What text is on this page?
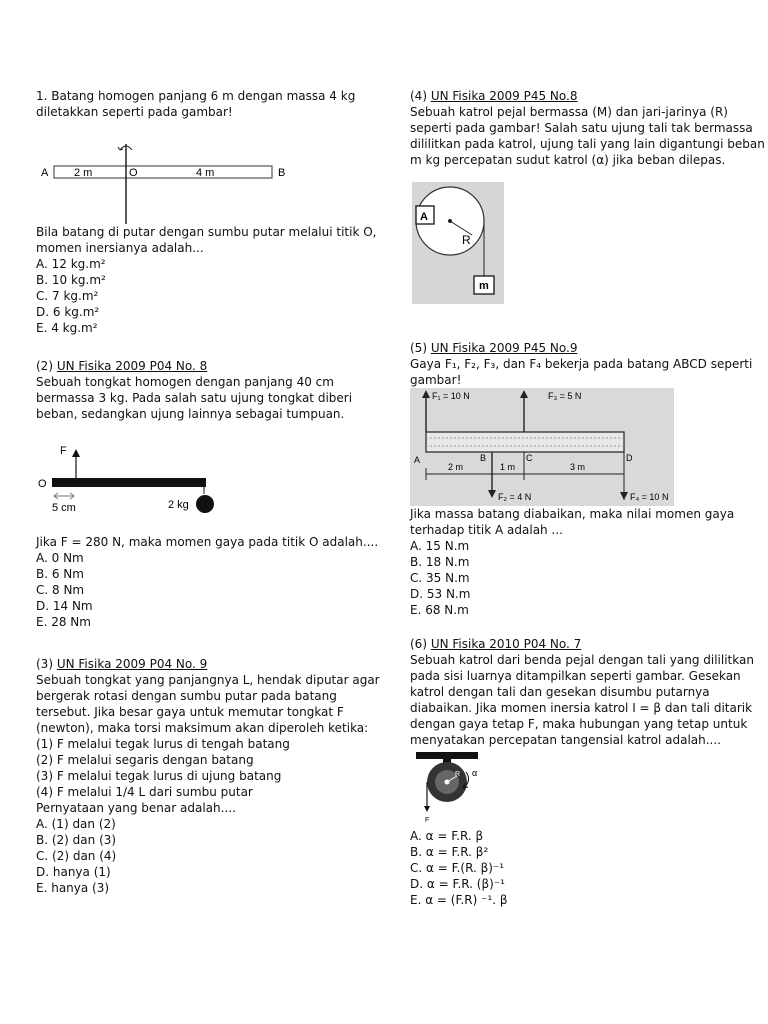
1. Batang homogen panjang 6 m dengan massa 4 kg
diletakkan seperti pada gambar!
A	B
O
2 m	4 m
Bila batang di putar dengan sumbu putar melalui titik O,
momen inersianya adalah...
A. 12 kg.m²
B. 10 kg.m²
C. 7 kg.m²
D. 6 kg.m²
E. 4 kg.m²
(2) UN Fisika 2009 P04 No. 8
Sebuah tongkat homogen dengan panjang 40 cm
bermassa 3 kg. Pada salah satu ujung tongkat diberi
beban, sedangkan ujung lainnya sebagai tumpuan.
F
O
2 kg
5 cm
Jika F = 280 N, maka momen gaya pada titik O adalah....
A. 0 Nm
B. 6 Nm
C. 8 Nm
D. 14 Nm
E. 28 Nm
(3) UN Fisika 2009 P04 No. 9
Sebuah tongkat yang panjangnya L, hendak diputar agar
bergerak rotasi dengan sumbu putar pada batang
tersebut. Jika besar gaya untuk memutar tongkat F
(newton), maka torsi maksimum akan diperoleh ketika:
(1) F melalui tegak lurus di tengah batang
(2) F melalui segaris dengan batang
(3) F melalui tegak lurus di ujung batang
(4) F melalui 1/4 L dari sumbu putar
Pernyataan yang benar adalah....
A. (1) dan (2)
B. (2) dan (3)
C. (2) dan (4)
D. hanya (1)
E. hanya (3)
(4) UN Fisika 2009 P45 No.8
Sebuah katrol pejal bermassa (M) dan jari-jarinya (R)
seperti pada gambar! Salah satu ujung tali tak bermassa
dililitkan pada katrol, ujung tali yang lain digantungi beban
m kg percepatan sudut katrol (α) jika beban dilepas.
A
R
m
(5) UN Fisika 2009 P45 No.9
Gaya F₁, F₂, F₃, dan F₄ bekerja pada batang ABCD seperti
gambar!
F₁ = 10 N	F₃ = 5 N
A	B	C	D
2 m	1 m	3 m
F₂ = 4 N	F₄ = 10 N
Jika massa batang diabaikan, maka nilai momen gaya
terhadap titik A adalah ...
A. 15 N.m
B. 18 N.m
C. 35 N.m
D. 53 N.m
E. 68 N.m
(6) UN Fisika 2010 P04 No. 7
Sebuah katrol dari benda pejal dengan tali yang dililitkan
pada sisi luarnya ditampilkan seperti gambar. Gesekan
katrol dengan tali dan gesekan disumbu putarnya
diabaikan. Jika momen inersia katrol I = β dan tali ditarik
dengan gaya tetap F, maka hubungan yang tetap untuk
menyatakan percepatan tangensial katrol adalah....
R
F
α
A. α = F.R. β
B. α = F.R. β²
C. α = F.(R. β)⁻¹
D. α = F.R. (β)⁻¹
E. α = (F.R) ⁻¹. β
